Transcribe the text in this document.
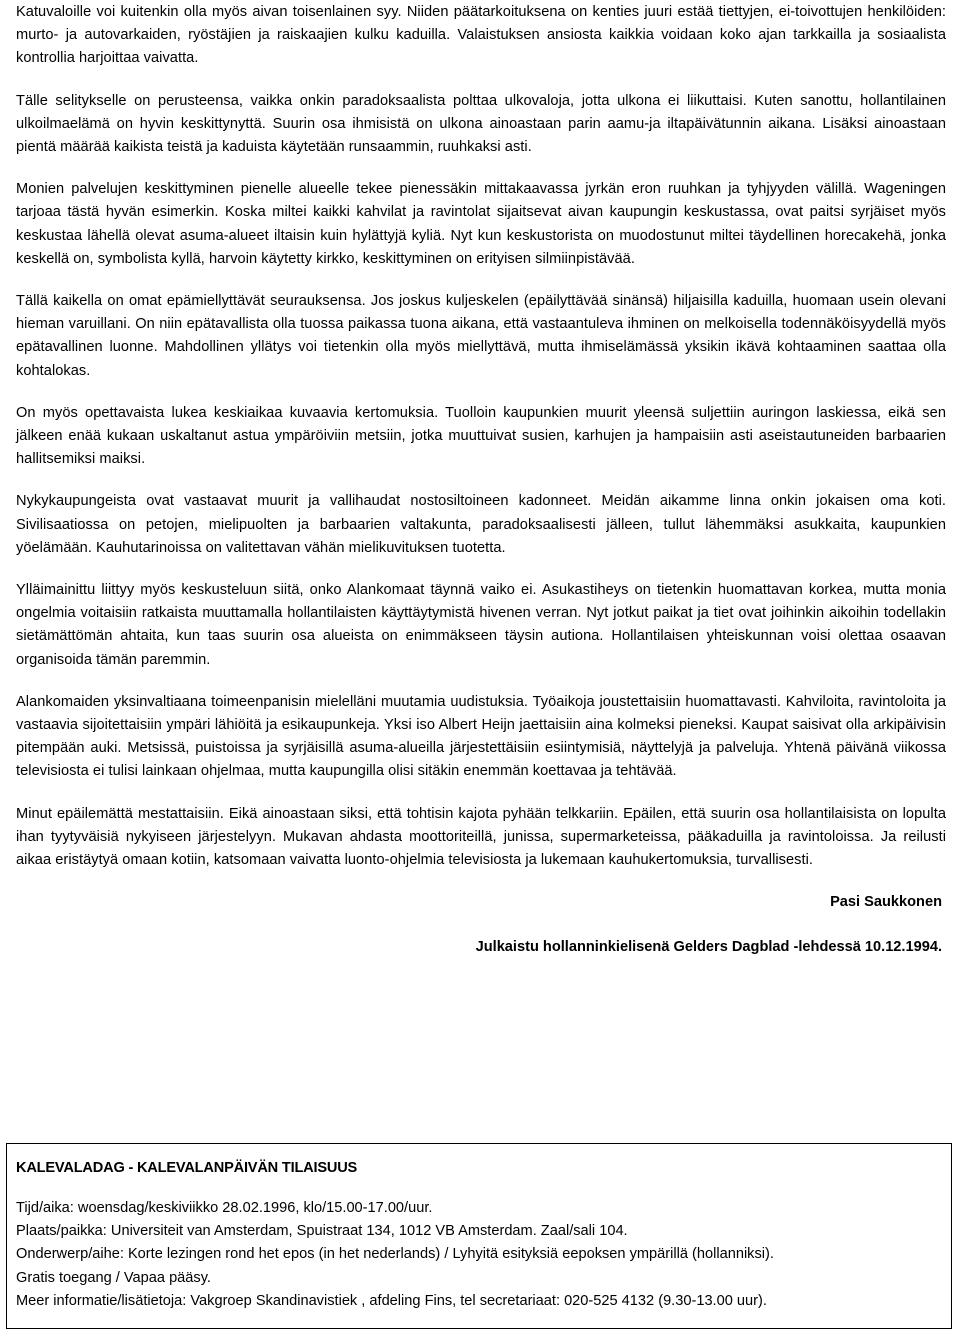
Katuvaloille voi kuitenkin olla myös aivan toisenlainen syy. Niiden päätarkoituksena on kenties juuri estää tiettyjen, ei-toivottujen henkilöiden: murto- ja autovarkaiden, ryöstäjien ja raiskaajien kulku kaduilla. Valaistuksen ansiosta kaikkia voidaan koko ajan tarkkailla ja sosiaalista kontrollia harjoittaa vaivatta.

Tälle selitykselle on perusteensa, vaikka onkin paradoksaalista polttaa ulkovaloja, jotta ulkona ei liikuttaisi. Kuten sanottu, hollantilainen ulkoilmaelämä on hyvin keskittynyttä. Suurin osa ihmisistä on ulkona ainoastaan parin aamu-ja iltapäivätunnin aikana. Lisäksi ainoastaan pientä määrää kaikista teistä ja kaduista käytetään runsaammin, ruuhkaksi asti.

Monien palvelujen keskittyminen pienelle alueelle tekee pienessäkin mittakaavassa jyrkän eron ruuhkan ja tyhjyyden välillä. Wageningen tarjoaa tästä hyvän esimerkin. Koska miltei kaikki kahvilat ja ravintolat sijaitsevat aivan kaupungin keskustassa, ovat paitsi syrjäiset myös keskustaa lähellä olevat asuma-alueet iltaisin kuin hylättyjä kyliä. Nyt kun keskustorista on muodostunut miltei täydellinen horecakehä, jonka keskellä on, symbolista kyllä, harvoin käytetty kirkko, keskittyminen on erityisen silmiinpistävää.

Tällä kaikella on omat epämiellyttävät seurauksensa. Jos joskus kuljeskelen (epäilyttävää sinänsä) hiljaisilla kaduilla, huomaan usein olevani hieman varuillani. On niin epätavallista olla tuossa paikassa tuona aikana, että vastaantuleva ihminen on melkoisella todennäköisyydellä myös epätavallinen luonne. Mahdollinen yllätys voi tietenkin olla myös miellyttävä, mutta ihmiselämässä yksikin ikävä kohtaaminen saattaa olla kohtalokas.

On myös opettavaista lukea keskiaikaa kuvaavia kertomuksia. Tuolloin kaupunkien muurit yleensä suljettiin auringon laskiessa, eikä sen jälkeen enää kukaan uskaltanut astua ympäröiviin metsiin, jotka muuttuivat susien, karhujen ja hampaisiin asti aseistautuneiden barbaarien hallitsemiksi maiksi.

Nykykaupungeista ovat vastaavat muurit ja vallihaudat nostosiltoineen kadonneet. Meidän aikamme linna onkin jokaisen oma koti. Sivilisaatiossa on petojen, mielipuolten ja barbaarien valtakunta, paradoksaalisesti jälleen, tullut lähemmäksi asukkaita, kaupunkien yöelämään. Kauhutarinoissa on valitettavan vähän mielikuvituksen tuotetta.

Ylläimainittu liittyy myös keskusteluun siitä, onko Alankomaat täynnä vaiko ei. Asukastiheys on tietenkin huomattavan korkea, mutta monia ongelmia voitaisiin ratkaista muuttamalla hollantilaisten käyttäytymistä hivenen verran. Nyt jotkut paikat ja tiet ovat joihinkin aikoihin todellakin sietämättömän ahtaita, kun taas suurin osa alueista on enimmäkseen täysin autiona. Hollantilaisen yhteiskunnan voisi olettaa osaavan organisoida tämän paremmin.

Alankomaiden yksinvaltiaana toimeenpanisin mielelläni muutamia uudistuksia. Työaikoja joustettaisiin huomattavasti. Kahviloita, ravintoloita ja vastaavia sijoitettaisiin ympäri lähiöitä ja esikaupunkeja. Yksi iso Albert Heijn jaettaisiin aina kolmeksi pieneksi. Kaupat saisivat olla arkipäivisin pitempään auki. Metsissä, puistoissa ja syrjäisillä asuma-alueilla järjestettäisiin esiintymisiä, näyttelyjä ja palveluja. Yhtenä päivänä viikossa televisiosta ei tulisi lainkaan ohjelmaa, mutta kaupungilla olisi sitäkin enemmän koettavaa ja tehtävää.

Minut epäilemättä mestattaisiin. Eikä ainoastaan siksi, että tohtisin kajota pyhään telkkariin. Epäilen, että suurin osa hollantilaisista on lopulta ihan tyytyväisiä nykyiseen järjestelyyn. Mukavan ahdasta moottoriteillä, junissa, supermarketeissa, pääkaduilla ja ravintoloissa. Ja reilusti aikaa eristäytyä omaan kotiin, katsomaan vaivatta luonto-ohjelmia televisiosta ja lukemaan kauhukertomuksia, turvallisesti.

Pasi Saukkonen
Julkaistu hollanninkielisenä Gelders Dagblad -lehdessä 10.12.1994.
KALEVALADAG - KALEVALANPÄIVÄN TILAISUUS

Tijd/aika: woensdag/keskiviikko 28.02.1996, klo/15.00-17.00/uur.

Plaats/paikka: Universiteit van Amsterdam, Spuistraat 134, 1012 VB Amsterdam. Zaal/sali 104.

Onderwerp/aihe: Korte lezingen rond het epos (in het nederlands) / Lyhyitä esityksiä eepoksen ympärillä (hollanniksi).

Gratis toegang / Vapaa pääsy.

Meer informatie/lisätietoja: Vakgroep Skandinavistiek , afdeling Fins, tel secretariaat: 020-525 4132 (9.30-13.00 uur).
